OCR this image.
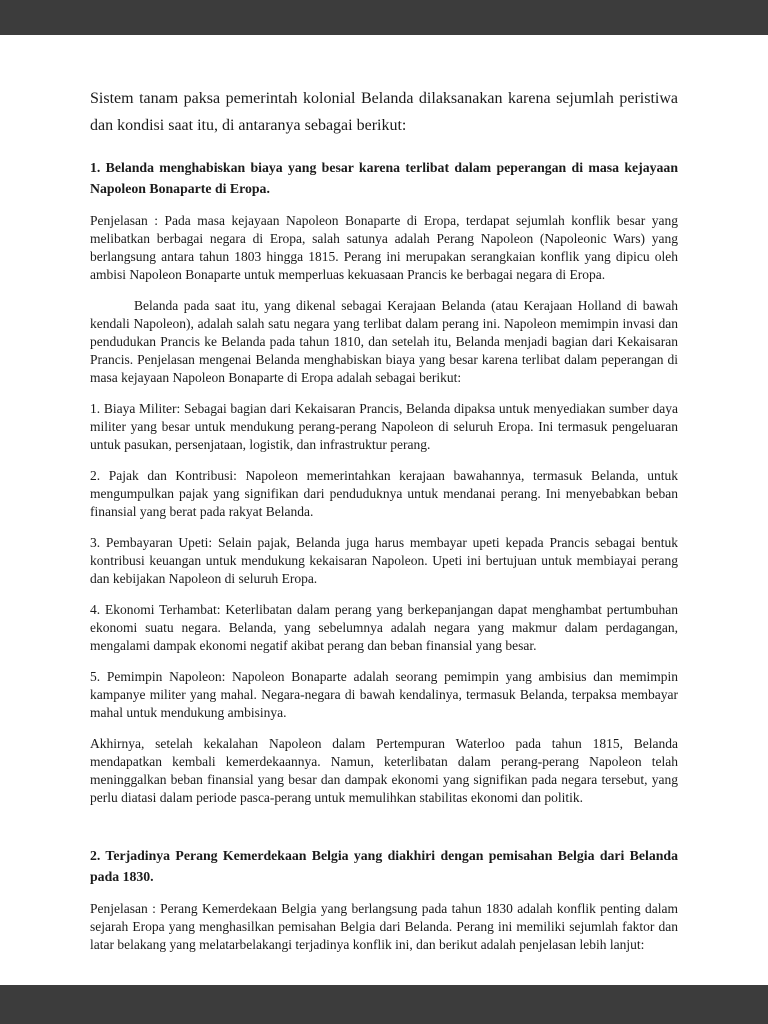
Sistem tanam paksa pemerintah kolonial Belanda dilaksanakan karena sejumlah peristiwa dan kondisi saat itu, di antaranya sebagai berikut:

1. Belanda menghabiskan biaya yang besar karena terlibat dalam peperangan di masa kejayaan Napoleon Bonaparte di Eropa.

Penjelasan : Pada masa kejayaan Napoleon Bonaparte di Eropa, terdapat sejumlah konflik besar yang melibatkan berbagai negara di Eropa, salah satunya adalah Perang Napoleon (Napoleonic Wars) yang berlangsung antara tahun 1803 hingga 1815. Perang ini merupakan serangkaian konflik yang dipicu oleh ambisi Napoleon Bonaparte untuk memperluas kekuasaan Prancis ke berbagai negara di Eropa.

Belanda pada saat itu, yang dikenal sebagai Kerajaan Belanda (atau Kerajaan Holland di bawah kendali Napoleon), adalah salah satu negara yang terlibat dalam perang ini. Napoleon memimpin invasi dan pendudukan Prancis ke Belanda pada tahun 1810, dan setelah itu, Belanda menjadi bagian dari Kekaisaran Prancis. Penjelasan mengenai Belanda menghabiskan biaya yang besar karena terlibat dalam peperangan di masa kejayaan Napoleon Bonaparte di Eropa adalah sebagai berikut:

1. Biaya Militer: Sebagai bagian dari Kekaisaran Prancis, Belanda dipaksa untuk menyediakan sumber daya militer yang besar untuk mendukung perang-perang Napoleon di seluruh Eropa. Ini termasuk pengeluaran untuk pasukan, persenjataan, logistik, dan infrastruktur perang.

2. Pajak dan Kontribusi: Napoleon memerintahkan kerajaan bawahannya, termasuk Belanda, untuk mengumpulkan pajak yang signifikan dari penduduknya untuk mendanai perang. Ini menyebabkan beban finansial yang berat pada rakyat Belanda.

3. Pembayaran Upeti: Selain pajak, Belanda juga harus membayar upeti kepada Prancis sebagai bentuk kontribusi keuangan untuk mendukung kekaisaran Napoleon. Upeti ini bertujuan untuk membiayai perang dan kebijakan Napoleon di seluruh Eropa.

4. Ekonomi Terhambat: Keterlibatan dalam perang yang berkepanjangan dapat menghambat pertumbuhan ekonomi suatu negara. Belanda, yang sebelumnya adalah negara yang makmur dalam perdagangan, mengalami dampak ekonomi negatif akibat perang dan beban finansial yang besar.

5. Pemimpin Napoleon: Napoleon Bonaparte adalah seorang pemimpin yang ambisius dan memimpin kampanye militer yang mahal. Negara-negara di bawah kendalinya, termasuk Belanda, terpaksa membayar mahal untuk mendukung ambisinya.

Akhirnya, setelah kekalahan Napoleon dalam Pertempuran Waterloo pada tahun 1815, Belanda mendapatkan kembali kemerdekaannya. Namun, keterlibatan dalam perang-perang Napoleon telah meninggalkan beban finansial yang besar dan dampak ekonomi yang signifikan pada negara tersebut, yang perlu diatasi dalam periode pasca-perang untuk memulihkan stabilitas ekonomi dan politik.

2. Terjadinya Perang Kemerdekaan Belgia yang diakhiri dengan pemisahan Belgia dari Belanda pada 1830.

Penjelasan : Perang Kemerdekaan Belgia yang berlangsung pada tahun 1830 adalah konflik penting dalam sejarah Eropa yang menghasilkan pemisahan Belgia dari Belanda. Perang ini memiliki sejumlah faktor dan latar belakang yang melatarbelakangi terjadinya konflik ini, dan berikut adalah penjelasan lebih lanjut:
